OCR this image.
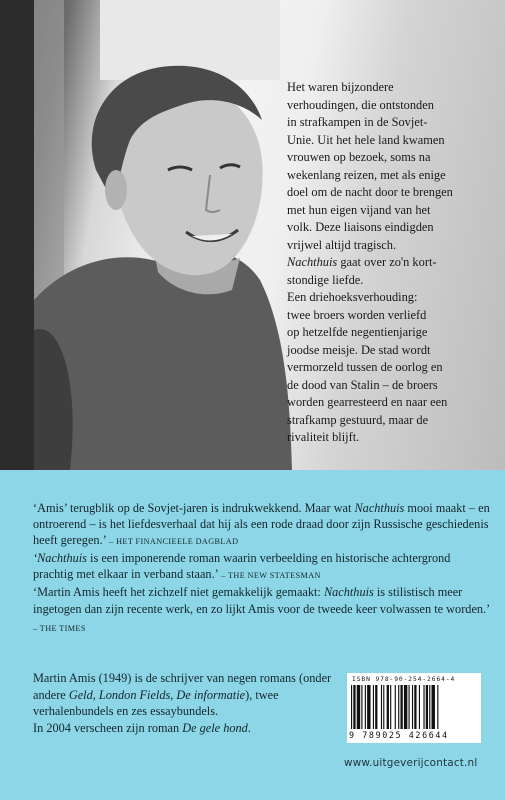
Het waren bijzondere

verhoudingen, die ontstonden

in strafkampen in de Sovjet-

Unie. Uit het hele land kwamen

vrouwen op bezoek, soms na

wekenlang reizen, met als enige

doel om de nacht door te brengen

met hun eigen vijand van het

volk. Deze liaisons eindigden

vrijwel altijd tragisch.

Nachthuis gaat over zo'n kort-

stondige liefde.

Een driehoeksverhouding:

twee broers worden verliefd

op hetzelfde negentienjarige

joodse meisje. De stad wordt

vermorzeld tussen de oorlog en

de dood van Stalin – de broers

worden gearresteerd en naar een

strafkamp gestuurd, maar de

rivaliteit blijft.

‘Amis’ terugblik op de Sovjet-jaren is indrukwekkend. Maar wat Nachthuis mooi maakt – en ontroerend – is het liefdesverhaal dat hij als een rode draad door zijn Russische geschiedenis heeft geregen.’ – HET FINANCIEELE DAGBLAD

‘Nachthuis is een imponerende roman waarin verbeelding en historische achtergrond prachtig met elkaar in verband staan.’ – THE NEW STATESMAN

‘Martin Amis heeft het zichzelf niet gemakkelijk gemaakt: Nachthuis is stilistisch meer ingetogen dan zijn recente werk, en zo lijkt Amis voor de tweede keer volwassen te worden.’ – THE TIMES

Martin Amis (1949) is de schrijver van negen romans (onder andere Geld, London Fields, De informatie), twee verhalenbundels en zes essaybundels.

In 2004 verscheen zijn roman De gele hond.

ISBN 978-90-254-2664-4
9 789025 426644
www.uitgeverijcontact.nl
